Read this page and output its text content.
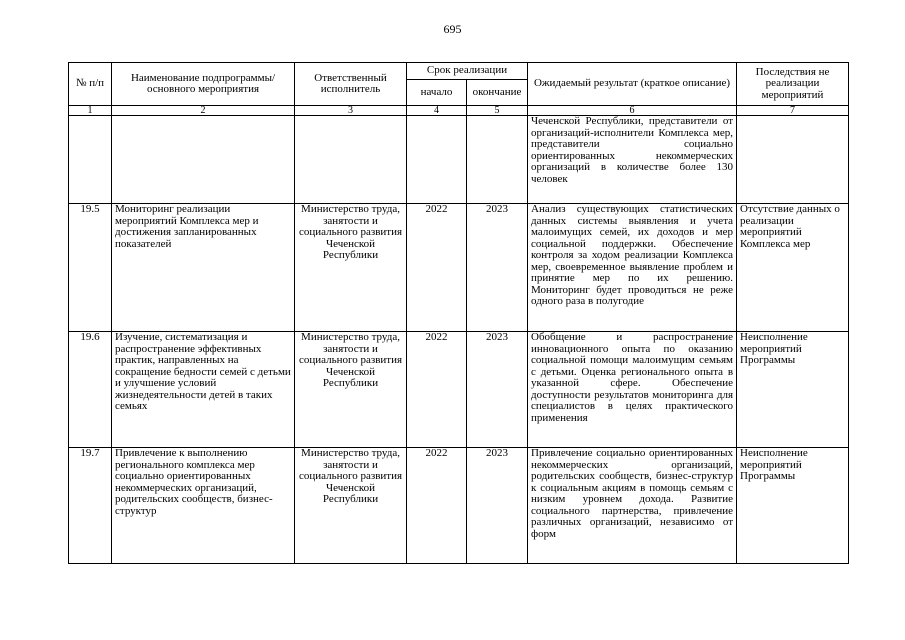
695
№ п/п	Наименование подпрограммы/ основного мероприятия	Ответственный исполнитель	Срок реализации		Ожидаемый результат (краткое описание)	Последствия не реализации мероприятий
			начало	окончание		
1	2	3	4	5	6	7
					Чеченской Республики, представители от организаций-исполнители Комплекса мер, представители социально ориентированных некоммерческих организаций в количестве более 130 человек	
19.5	Мониторинг реализации мероприятий Комплекса мер и достижения запланированных показателей	Министерство труда, занятости и социального развития Чеченской Республики	2022	2023	Анализ существующих статистических данных системы выявления и учета малоимущих семей, их доходов и мер социальной поддержки. Обеспечение контроля за ходом реализации Комплекса мер, своевременное выявление проблем и принятие мер по их решению. Мониторинг будет проводиться не реже одного раза в полугодие	Отсутствие данных о реализации мероприятий Комплекса мер
19.6	Изучение, систематизация и распространение эффективных практик, направленных на сокращение бедности семей с детьми и улучшение условий жизнедеятельности детей в таких семьях	Министерство труда, занятости и социального развития Чеченской Республики	2022	2023	Обобщение и распространение инновационного опыта по оказанию социальной помощи малоимущим семьям с детьми. Оценка регионального опыта в указанной сфере. Обеспечение доступности результатов мониторинга для специалистов в целях практического применения	Неисполнение мероприятий Программы
19.7	Привлечение к выполнению регионального комплекса мер социально ориентированных некоммерческих организаций, родительских сообществ, бизнес-структур	Министерство труда, занятости и социального развития Чеченской Республики	2022	2023	Привлечение социально ориентированных некоммерческих организаций, родительских сообществ, бизнес-структур к социальным акциям в помощь семьям с низким уровнем дохода. Развитие социального партнерства, привлечение различных организаций, независимо от форм	Неисполнение мероприятий Программы
